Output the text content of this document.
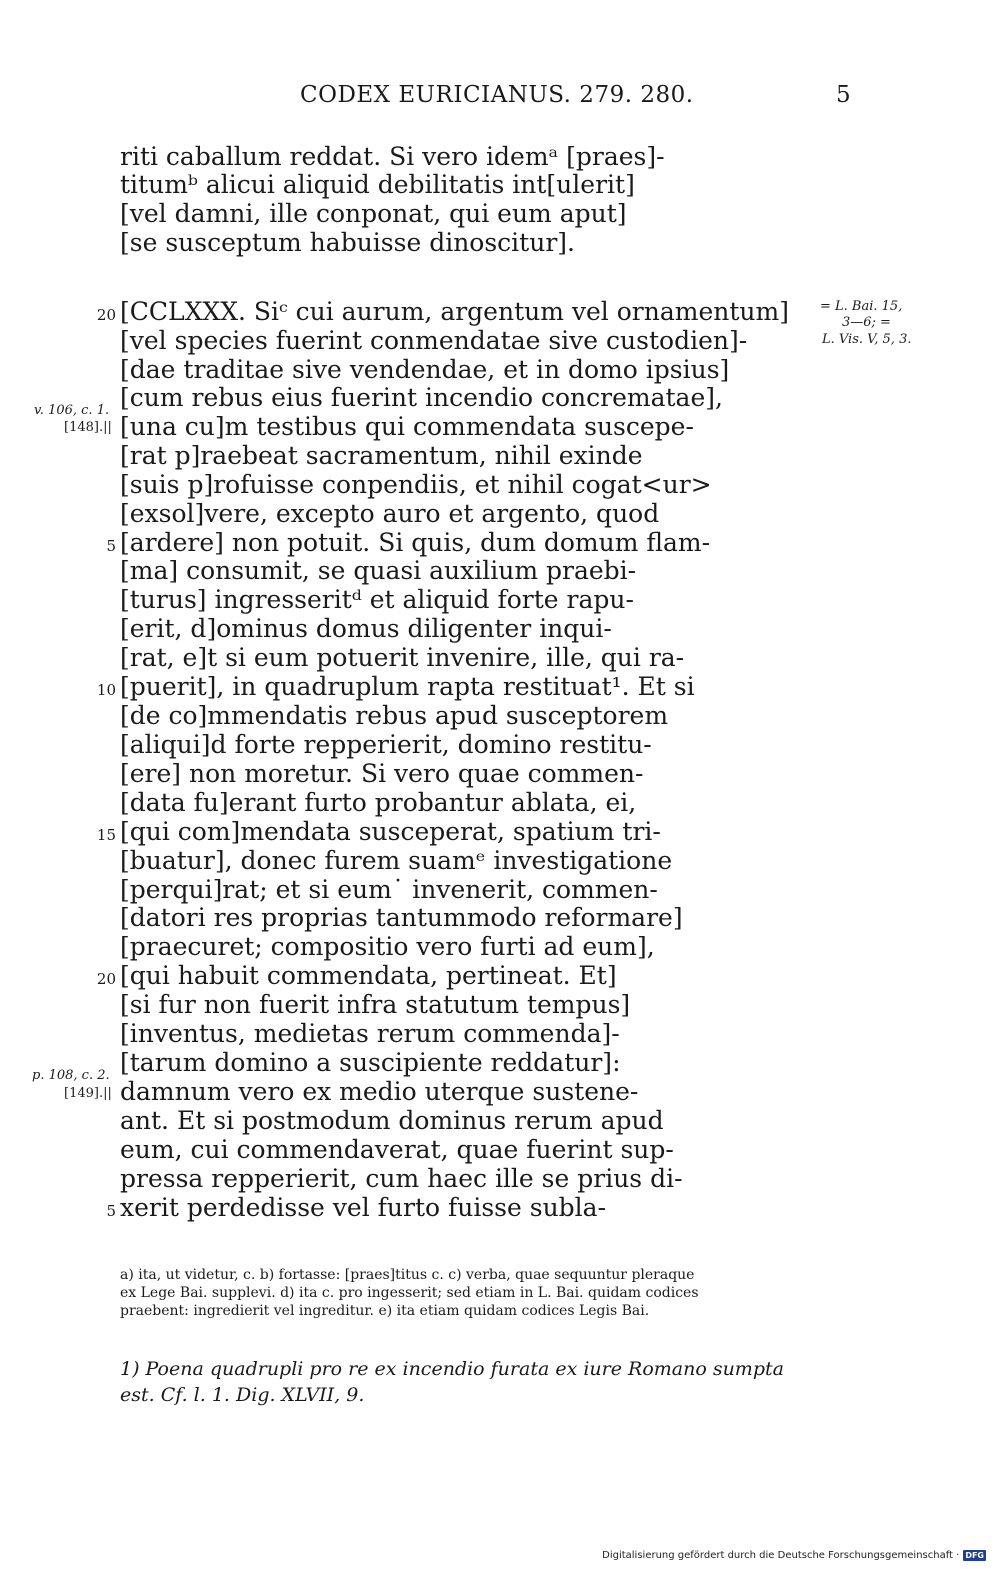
CODEX EURICIANUS. 279. 280.	5
riti caballum reddat. Si vero idemᵃ [praes]-
titumᵇ alicui aliquid debilitatis int[ulerit]
[vel damni, ille conponat, qui eum aput]
[se susceptum habuisse dinoscitur].
[CCLXXX. Siᶜ cui aurum, argentum vel ornamentum]
[vel species fuerint conmendatae sive custodien]-
[dae traditae sive vendendae, et in domo ipsius]
[cum rebus eius fuerint incendio concrematae],
[una cu]m testibus qui commendata suscepe-
[rat p]raebeat sacramentum, nihil exinde
[suis p]rofuisse conpendiis, et nihil cogat<ur>
[exsol]vere, excepto auro et argento, quod
[ardere] non potuit. Si quis, dum domum flam-
[ma] consumit, se quasi auxilium praebi-
[turus] ingresseritᵈ et aliquid forte rapu-
[erit, d]ominus domus diligenter inqui-
[rat, e]t si eum potuerit invenire, ille, qui ra-
[puerit], in quadruplum rapta restituat¹. Et si
[de co]mmendatis rebus apud susceptorem
[aliqui]d forte repperierit, domino restitu-
[ere] non moretur. Si vero quae commen-
[data fu]erant furto probantur ablata, ei,
[qui com]mendata susceperat, spatium tri-
[buatur], donec furem suamᵉ investigatione
[perqui]rat; et si eum˙ invenerit, commen-
[datori res proprias tantummodo reformare]
[praecuret; compositio vero furti ad eum],
[qui habuit commendata, pertineat. Et]
[si fur non fuerit infra statutum tempus]
[inventus, medietas rerum commenda]-
[tarum domino a suscipiente reddatur]:
damnum vero ex medio uterque sustene-
ant. Et si postmodum dominus rerum apud
eum, cui commendaverat, quae fuerint sup-
pressa repperierit, cum haec ille se prius di-
xerit perdedisse vel furto fuisse subla-
20
5
10
15
20
5
v. 106, c. 1.
[148].||
p. 108, c. 2.
[149].||
= L. Bai. 15,
3—6; =
L. Vis. V, 5, 3.
a) ita, ut videtur, c. b) fortasse: [praes]titus c. c) verba, quae sequuntur pleraque
ex Lege Bai. supplevi. d) ita c. pro ingesserit; sed etiam in L. Bai. quidam codices
praebent: ingredierit vel ingreditur. e) ita etiam quidam codices Legis Bai.
1) Poena quadrupli pro re ex incendio furata ex iure Romano sumpta
est. Cf. l. 1. Dig. XLVII, 9.
Digitalisierung gefördert durch die Deutsche Forschungsgemeinschaft · DFG
